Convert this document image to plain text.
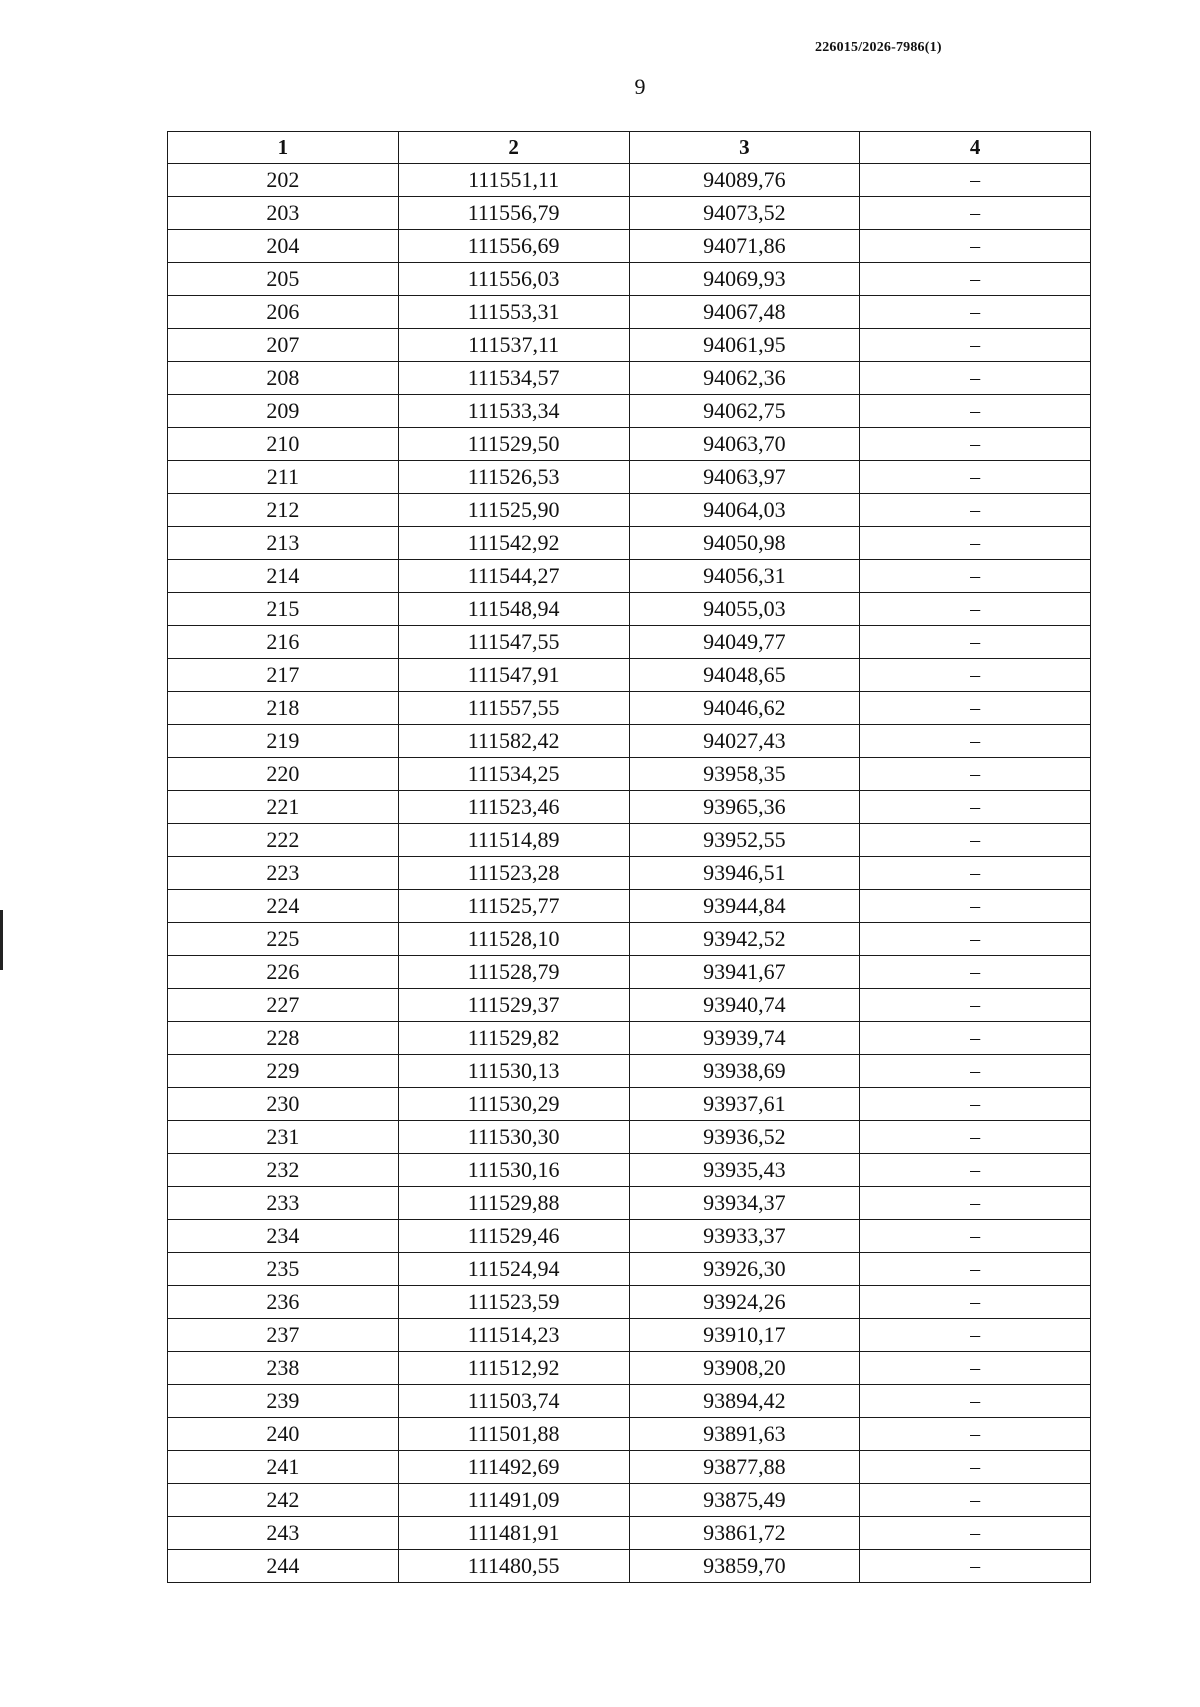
226015/2026-7986(1)
9
1	2	3	4
202	111551,11	94089,76	–
203	111556,79	94073,52	–
204	111556,69	94071,86	–
205	111556,03	94069,93	–
206	111553,31	94067,48	–
207	111537,11	94061,95	–
208	111534,57	94062,36	–
209	111533,34	94062,75	–
210	111529,50	94063,70	–
211	111526,53	94063,97	–
212	111525,90	94064,03	–
213	111542,92	94050,98	–
214	111544,27	94056,31	–
215	111548,94	94055,03	–
216	111547,55	94049,77	–
217	111547,91	94048,65	–
218	111557,55	94046,62	–
219	111582,42	94027,43	–
220	111534,25	93958,35	–
221	111523,46	93965,36	–
222	111514,89	93952,55	–
223	111523,28	93946,51	–
224	111525,77	93944,84	–
225	111528,10	93942,52	–
226	111528,79	93941,67	–
227	111529,37	93940,74	–
228	111529,82	93939,74	–
229	111530,13	93938,69	–
230	111530,29	93937,61	–
231	111530,30	93936,52	–
232	111530,16	93935,43	–
233	111529,88	93934,37	–
234	111529,46	93933,37	–
235	111524,94	93926,30	–
236	111523,59	93924,26	–
237	111514,23	93910,17	–
238	111512,92	93908,20	–
239	111503,74	93894,42	–
240	111501,88	93891,63	–
241	111492,69	93877,88	–
242	111491,09	93875,49	–
243	111481,91	93861,72	–
244	111480,55	93859,70	–
